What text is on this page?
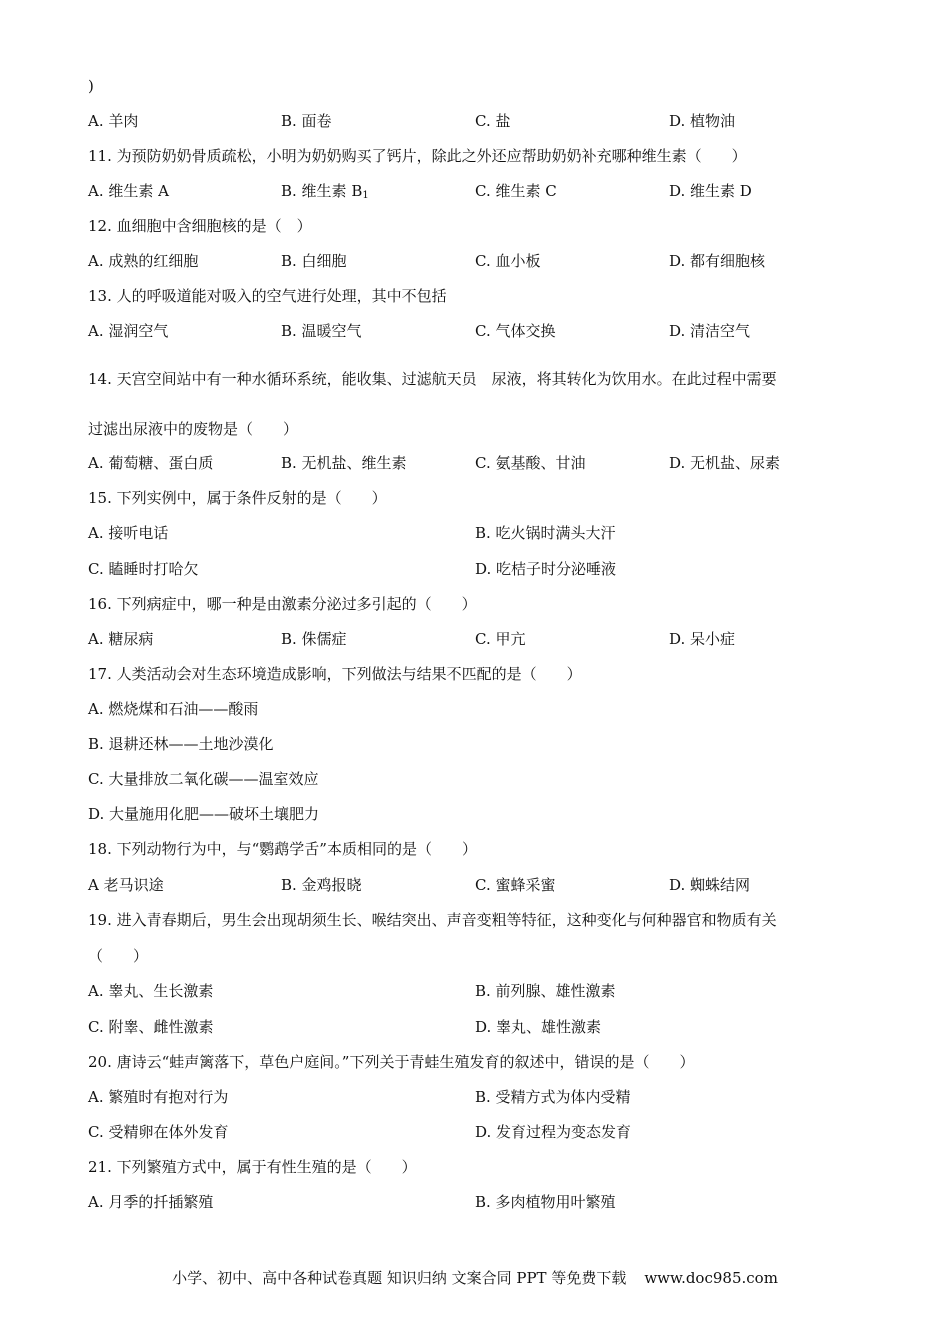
)
A. 羊肉	B. 面卷	C. 盐	D. 植物油
11. 为预防奶奶骨质疏松，小明为奶奶购买了钙片，除此之外还应帮助奶奶补充哪种维生素（　　）
A. 维生素 A	B. 维生素 $B_1$	C. 维生素 C	D. 维生素 D
12. 血细胞中含细胞核的是（　）
A. 成熟的红细胞	B. 白细胞	C. 血小板	D. 都有细胞核
13. 人的呼吸道能对吸入的空气进行处理，其中不包括
A. 湿润空气	B. 温暖空气	C. 气体交换	D. 清洁空气
14. 天宫空间站中有一种水循环系统，能收集、过滤航天员　尿液，将其转化为饮用水。在此过程中需要
过滤出尿液中的废物是（　　）
A. 葡萄糖、蛋白质	B. 无机盐、维生素	C. 氨基酸、甘油	D. 无机盐、尿素
15. 下列实例中，属于条件反射的是（　　）
A. 接听电话	B. 吃火锅时满头大汗
C. 瞌睡时打哈欠	D. 吃桔子时分泌唾液
16. 下列病症中，哪一种是由激素分泌过多引起的（　　）
A. 糖尿病	B. 侏儒症	C. 甲亢	D. 呆小症
17. 人类活动会对生态环境造成影响，下列做法与结果不匹配的是（　　）
A. 燃烧煤和石油——酸雨
B. 退耕还林——土地沙漠化
C. 大量排放二氧化碳——温室效应
D. 大量施用化肥——破坏土壤肥力
18. 下列动物行为中，与“鹦鹉学舌”本质相同的是（　　）
A 老马识途	B. 金鸡报晓	C. 蜜蜂采蜜	D. 蜘蛛结网
19. 进入青春期后，男生会出现胡须生长、喉结突出、声音变粗等特征，这种变化与何种器官和物质有关
（　　）
A. 睾丸、生长激素	B. 前列腺、雄性激素
C. 附睾、雌性激素	D. 睾丸、雄性激素
20. 唐诗云“蛙声篱落下，草色户庭间。”下列关于青蛙生殖发育的叙述中，错误的是（　　）
A. 繁殖时有抱对行为	B. 受精方式为体内受精
C. 受精卵在体外发育	D. 发育过程为变态发育
21. 下列繁殖方式中，属于有性生殖的是（　　）
A. 月季的扦插繁殖	B. 多肉植物用叶繁殖
小学、初中、高中各种试卷真题 知识归纳 文案合同 PPT 等免费下载 www.doc985.com
